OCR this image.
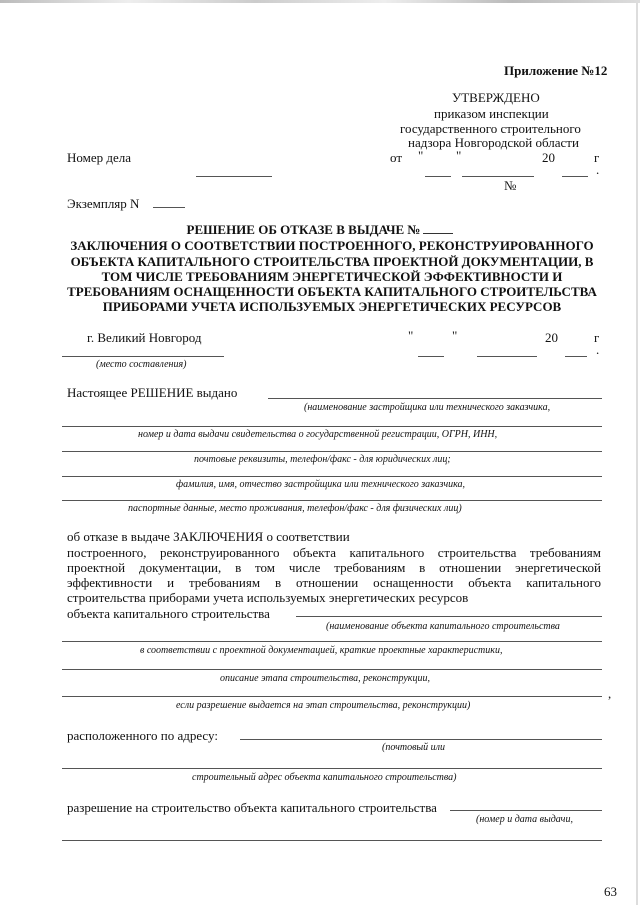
Приложение №12
УТВЕРЖДЕНО
приказом инспекции
государственного строительного
надзора Новгородской области
Номер дела	от "	"	20	г
.
№
Экземпляр N
РЕШЕНИЕ ОБ ОТКАЗЕ В ВЫДАЧЕ №
ЗАКЛЮЧЕНИЯ О СООТВЕТСТВИИ ПОСТРОЕННОГО, РЕКОНСТРУИРОВАННОГО
ОБЪЕКТА КАПИТАЛЬНОГО СТРОИТЕЛЬСТВА ПРОЕКТНОЙ ДОКУМЕНТАЦИИ, В
ТОМ ЧИСЛЕ ТРЕБОВАНИЯМ ЭНЕРГЕТИЧЕСКОЙ ЭФФЕКТИВНОСТИ И
ТРЕБОВАНИЯМ ОСНАЩЕННОСТИ ОБЪЕКТА КАПИТАЛЬНОГО СТРОИТЕЛЬСТВА
ПРИБОРАМИ УЧЕТА ИСПОЛЬЗУЕМЫХ ЭНЕРГЕТИЧЕСКИХ РЕСУРСОВ
г. Великий Новгород	"	"	20	г
.
(место составления)
Настоящее РЕШЕНИЕ выдано
(наименование застройщика или технического заказчика,
номер и дата выдачи свидетельства о государственной регистрации, ОГРН, ИНН,
почтовые реквизиты, телефон/факс - для юридических лиц;
фамилия, имя, отчество застройщика или технического заказчика,
паспортные данные, место проживания, телефон/факс - для физических лиц)
об отказе в выдаче ЗАКЛЮЧЕНИЯ о соответствии
построенного, реконструированного объекта капитального строительства требованиям проектной документации, в том числе требованиям в отношении энергетической эффективности и требованиям в отношении оснащенности объекта капитального строительства приборами учета используемых энергетических ресурсов
объекта капитального строительства
(наименование объекта капитального строительства
в соответствии с проектной документацией, краткие проектные характеристики,
описание этапа строительства, реконструкции,
,
если разрешение выдается на этап строительства, реконструкции)
расположенного по адресу:
(почтовый или
строительный адрес объекта капитального строительства)
разрешение на строительство объекта капитального строительства
(номер и дата выдачи,
63
